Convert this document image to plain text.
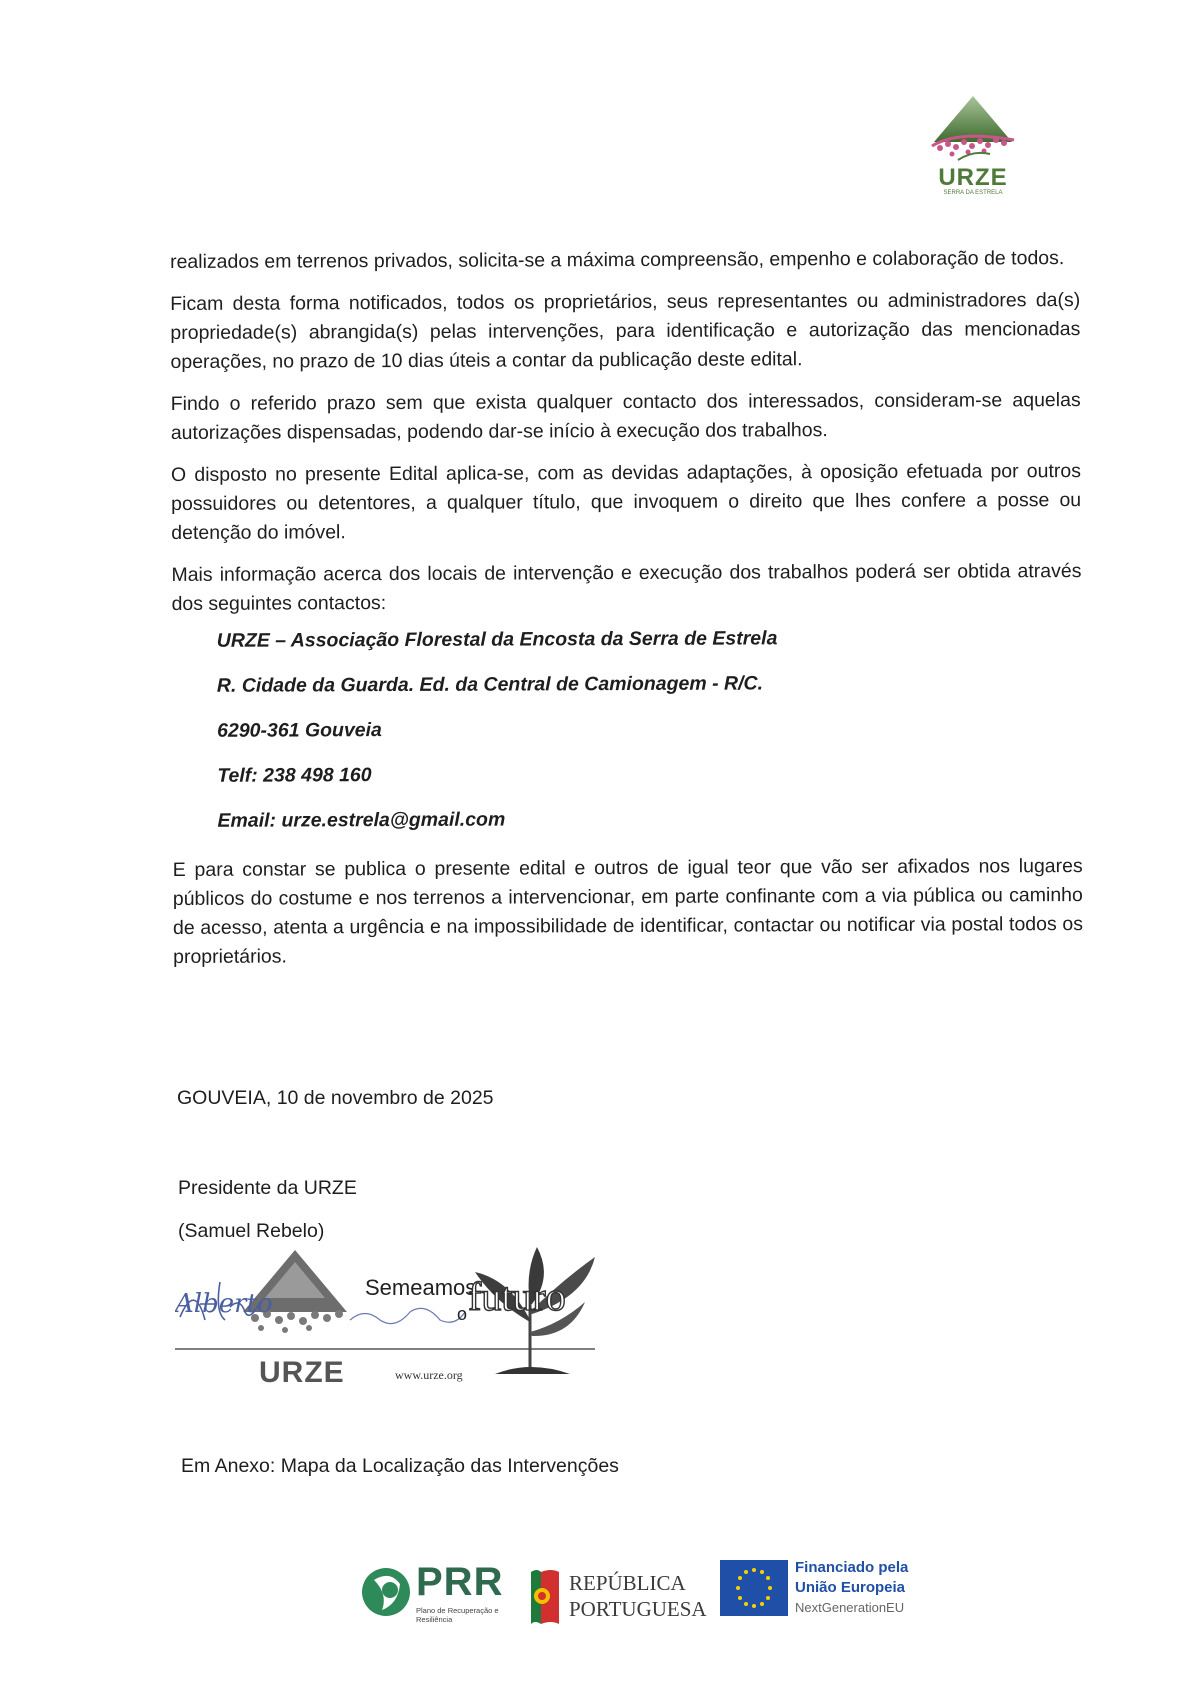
URZE
SERRA DA ESTRELA

realizados em terrenos privados, solicita-se a máxima compreensão, empenho e colaboração de todos.

Ficam desta forma notificados, todos os proprietários, seus representantes ou administradores da(s) propriedade(s) abrangida(s) pelas intervenções, para identificação e autorização das mencionadas operações, no prazo de 10 dias úteis a contar da publicação deste edital.

Findo o referido prazo sem que exista qualquer contacto dos interessados, consideram-se aquelas autorizações dispensadas, podendo dar-se início à execução dos trabalhos.

O disposto no presente Edital aplica-se, com as devidas adaptações, à oposição efetuada por outros possuidores ou detentores, a qualquer título, que invoquem o direito que lhes confere a posse ou detenção do imóvel.

Mais informação acerca dos locais de intervenção e execução dos trabalhos poderá ser obtida através dos seguintes contactos:

URZE – Associação Florestal da Encosta da Serra de Estrela
R. Cidade da Guarda. Ed. da Central de Camionagem - R/C.
6290-361 Gouveia
Telf: 238 498 160
Email: urze.estrela@gmail.com

E para constar se publica o presente edital e outros de igual teor que vão ser afixados nos lugares públicos do costume e nos terrenos a intervencionar, em parte confinante com a via pública ou caminho de acesso, atenta a urgência e na impossibilidade de identificar, contactar ou notificar via postal todos os proprietários.

GOUVEIA, 10 de novembro de 2025
Presidente da URZE
(Samuel Rebelo)
Alberto
Semeamos
o futuro
URZE	www.urze.org
Em Anexo: Mapa da Localização das Intervenções
PRR
Plano de Recuperação e Resiliência
REPÚBLICA
PORTUGUESA
Financiado pela
União Europeia
NextGenerationEU
